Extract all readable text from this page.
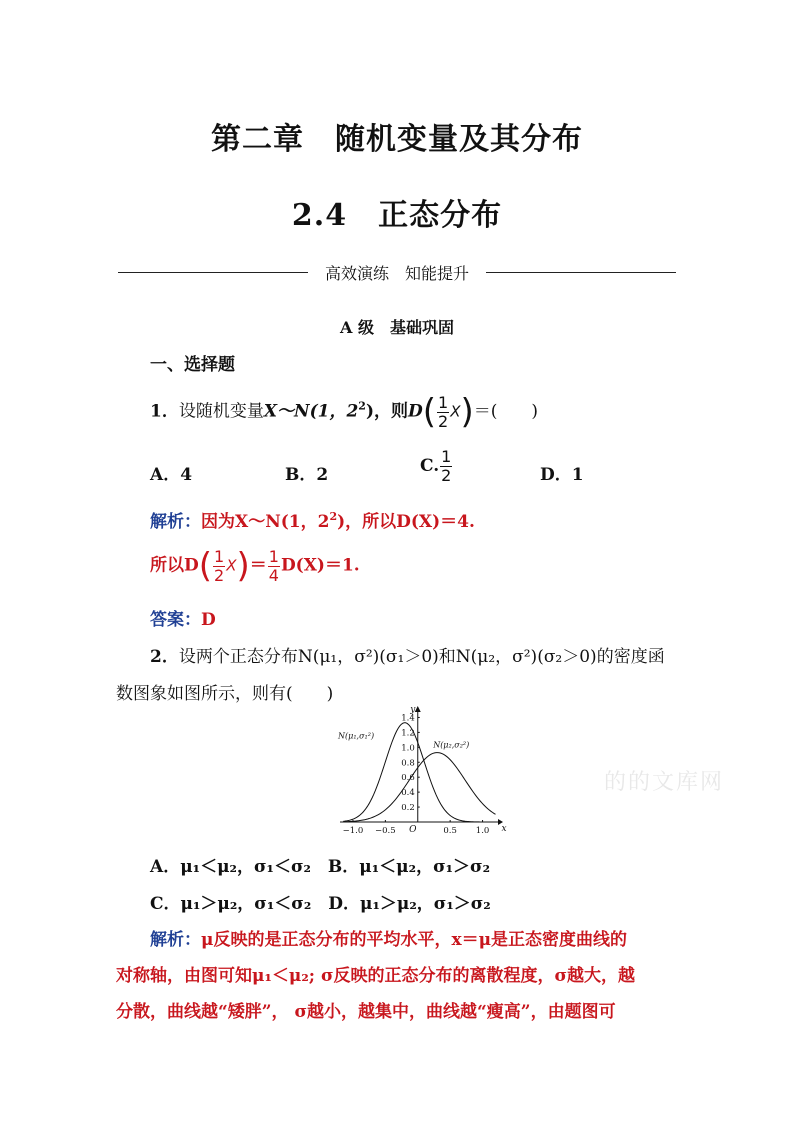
第二章　随机变量及其分布
2.4　正态分布
高效演练　知能提升
A 级　基础巩固
一、选择题
1．设随机变量X～N(1，$2^2$)，则$D( \frac{1}{2} X)=$(　　)
A．4	B．2	C. $\frac{1}{2}$	D．1
解析：因为X～N(1，$2^2$)，所以D(X)＝4.
所以$D( \frac{1}{2} X)= \frac{1}{4} D(X)=1$.
答案：D
2．设两个正态分布N(μ₁，σ²)(σ₁＞0)和N(μ₂，σ²)(σ₂＞0)的密度函
数图象如图所示，则有(　　)
x
y
O
−1.0 −0.5	0.5 1.0
0.2
0.4
0.6
0.8
1.0
1.2
1.4
N(μ₁,σ₁²)
N(μ₂,σ₂²)
的的文库网
A．μ₁＜μ₂，σ₁＜σ₂　B．μ₁＜μ₂，σ₁＞σ₂
C．μ₁＞μ₂，σ₁＜σ₂　D．μ₁＞μ₂，σ₁＞σ₂
解析：μ反映的是正态分布的平均水平，x＝μ是正态密度曲线的
对称轴，由图可知μ₁＜μ₂; σ反映的正态分布的离散程度，σ越大，越
分散，曲线越“矮胖”， σ越小，越集中，曲线越“瘦高”，由题图可
